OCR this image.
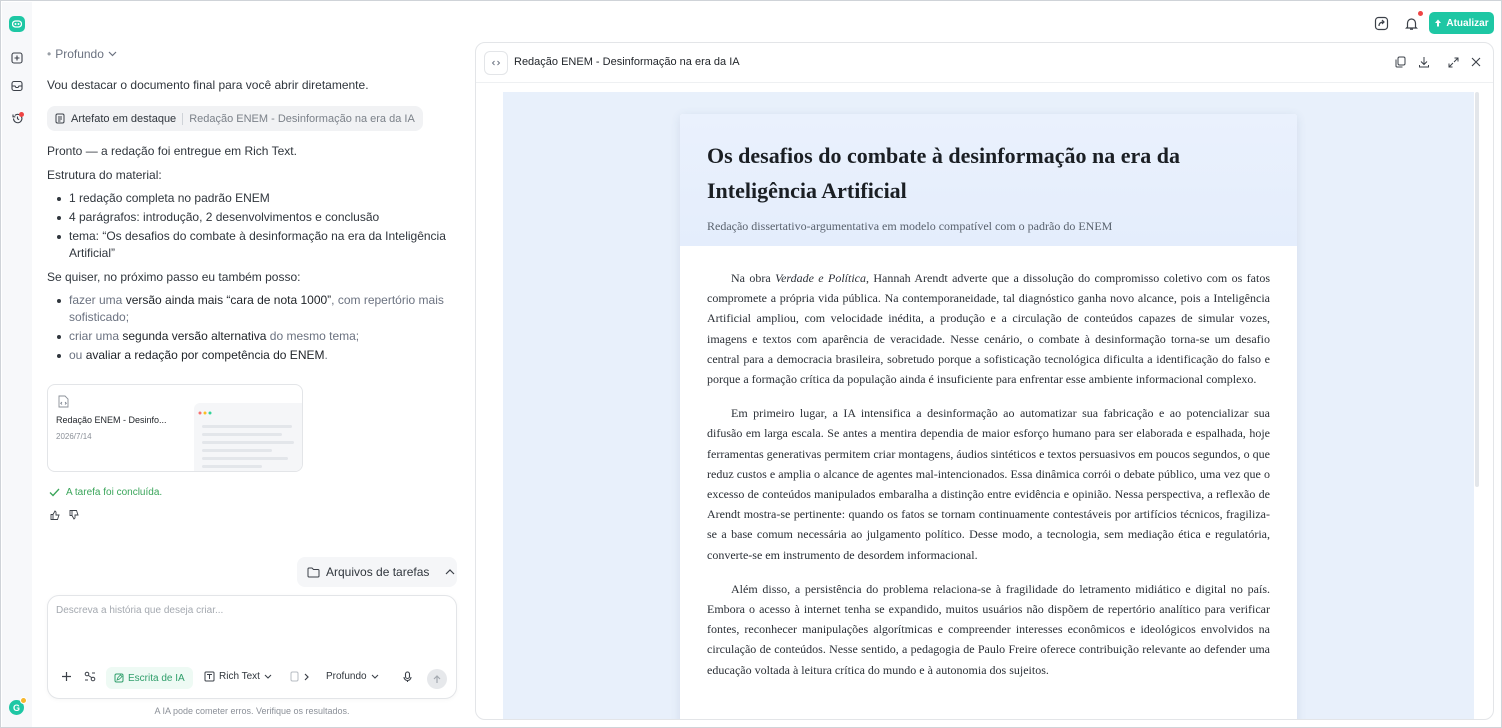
G
Atualizar
• Profundo
Vou destacar o documento final para você abrir diretamente.
Artefato em destaque Redação ENEM - Desinformação na era da IA
Pronto — a redação foi entregue em Rich Text.
Estrutura do material:
1 redação completa no padrão ENEM
4 parágrafos: introdução, 2 desenvolvimentos e conclusão
tema: “Os desafios do combate à desinformação na era da Inteligência Artificial”
Se quiser, no próximo passo eu também posso:
fazer uma versão ainda mais “cara de nota 1000”, com repertório mais sofisticado;
criar uma segunda versão alternativa do mesmo tema;
ou avaliar a redação por competência do ENEM.
Redação ENEM - Desinfo...
2026/7/14
A tarefa foi concluída.
Arquivos de tarefas
Descreva a história que deseja criar...
Escrita de IA	Rich Text	Profundo
A IA pode cometer erros. Verifique os resultados.
Redação ENEM - Desinformação na era da IA
Os desafios do combate à desinformação na era da Inteligência Artificial
Redação dissertativo-argumentativa em modelo compatível com o padrão do ENEM

Na obra Verdade e Política, Hannah Arendt adverte que a dissolução do compromisso coletivo com os fatos compromete a própria vida pública. Na contemporaneidade, tal diagnóstico ganha novo alcance, pois a Inteligência Artificial ampliou, com velocidade inédita, a produção e a circulação de conteúdos capazes de simular vozes, imagens e textos com aparência de veracidade. Nesse cenário, o combate à desinformação torna-se um desafio central para a democracia brasileira, sobretudo porque a sofisticação tecnológica dificulta a identificação do falso e porque a formação crítica da população ainda é insuficiente para enfrentar esse ambiente informacional complexo.

Em primeiro lugar, a IA intensifica a desinformação ao automatizar sua fabricação e ao potencializar sua difusão em larga escala. Se antes a mentira dependia de maior esforço humano para ser elaborada e espalhada, hoje ferramentas generativas permitem criar montagens, áudios sintéticos e textos persuasivos em poucos segundos, o que reduz custos e amplia o alcance de agentes mal-intencionados. Essa dinâmica corrói o debate público, uma vez que o excesso de conteúdos manipulados embaralha a distinção entre evidência e opinião. Nessa perspectiva, a reflexão de Arendt mostra-se pertinente: quando os fatos se tornam continuamente contestáveis por artifícios técnicos, fragiliza-se a base comum necessária ao julgamento político. Desse modo, a tecnologia, sem mediação ética e regulatória, converte-se em instrumento de desordem informacional.

Além disso, a persistência do problema relaciona-se à fragilidade do letramento midiático e digital no país. Embora o acesso à internet tenha se expandido, muitos usuários não dispõem de repertório analítico para verificar fontes, reconhecer manipulações algorítmicas e compreender interesses econômicos e ideológicos envolvidos na circulação de conteúdos. Nesse sentido, a pedagogia de Paulo Freire oferece contribuição relevante ao defender uma educação voltada à leitura crítica do mundo e à autonomia dos sujeitos.
